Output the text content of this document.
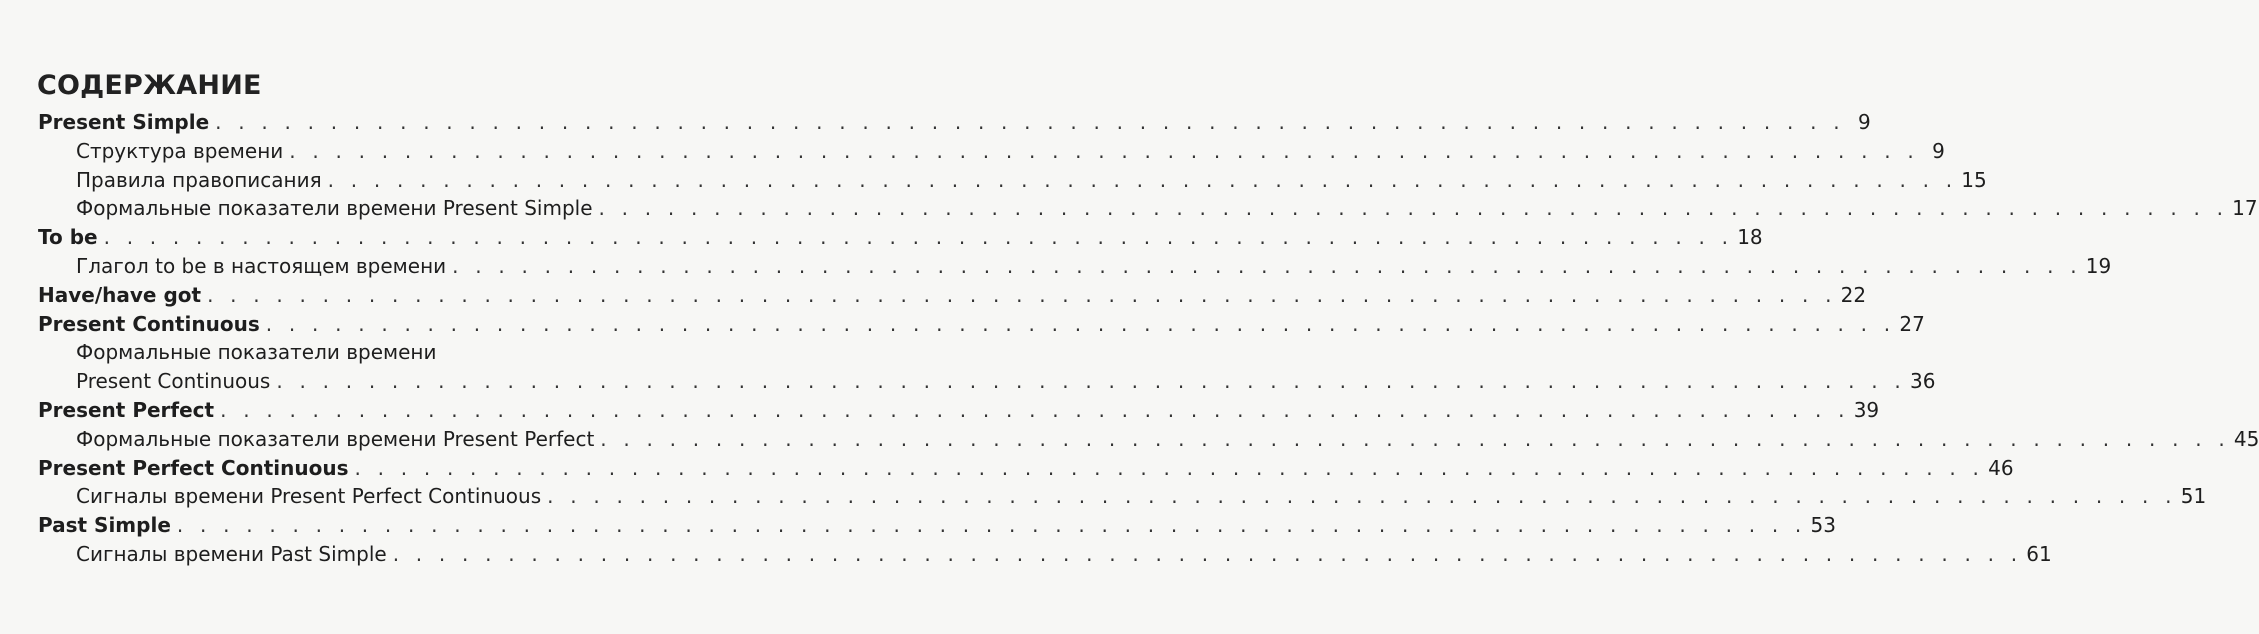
СОДЕРЖАНИЕ
Present Simple . . . . . . . . . . . . . . . . . . . . . . . . . . . . . . . . . . . . . . . . . . . . . . . . . . . . . . . . . . . . . . . . . . . . . . . 9
Структура времени . . . . . . . . . . . . . . . . . . . . . . . . . . . . . . . . . . . . . . . . . . . . . . . . . . . . . . . . . . . . . . . . . . . . . . . 9
Правила правописания . . . . . . . . . . . . . . . . . . . . . . . . . . . . . . . . . . . . . . . . . . . . . . . . . . . . . . . . . . . . . . . . . . . . . . . 15
Формальные показатели времени Present Simple . . . . . . . . . . . . . . . . . . . . . . . . . . . . . . . . . . . . . . . . . . . . . . . . . . . . . . . . . . . . . . . . . . . . . . . 17
To be . . . . . . . . . . . . . . . . . . . . . . . . . . . . . . . . . . . . . . . . . . . . . . . . . . . . . . . . . . . . . . . . . . . . . . . 18
Глагол to be в настоящем времени . . . . . . . . . . . . . . . . . . . . . . . . . . . . . . . . . . . . . . . . . . . . . . . . . . . . . . . . . . . . . . . . . . . . . . . 19
Have/have got . . . . . . . . . . . . . . . . . . . . . . . . . . . . . . . . . . . . . . . . . . . . . . . . . . . . . . . . . . . . . . . . . . . . . . . 22
Present Continuous . . . . . . . . . . . . . . . . . . . . . . . . . . . . . . . . . . . . . . . . . . . . . . . . . . . . . . . . . . . . . . . . . . . . . . . 27
Формальные показатели времени
Present Continuous . . . . . . . . . . . . . . . . . . . . . . . . . . . . . . . . . . . . . . . . . . . . . . . . . . . . . . . . . . . . . . . . . . . . . . . 36
Present Perfect . . . . . . . . . . . . . . . . . . . . . . . . . . . . . . . . . . . . . . . . . . . . . . . . . . . . . . . . . . . . . . . . . . . . . . . 39
Формальные показатели времени Present Perfect . . . . . . . . . . . . . . . . . . . . . . . . . . . . . . . . . . . . . . . . . . . . . . . . . . . . . . . . . . . . . . . . . . . . . . . 45
Present Perfect Continuous . . . . . . . . . . . . . . . . . . . . . . . . . . . . . . . . . . . . . . . . . . . . . . . . . . . . . . . . . . . . . . . . . . . . . . . 46
Сигналы времени Present Perfect Continuous . . . . . . . . . . . . . . . . . . . . . . . . . . . . . . . . . . . . . . . . . . . . . . . . . . . . . . . . . . . . . . . . . . . . . . . 51
Past Simple . . . . . . . . . . . . . . . . . . . . . . . . . . . . . . . . . . . . . . . . . . . . . . . . . . . . . . . . . . . . . . . . . . . . . . . 53
Сигналы времени Past Simple . . . . . . . . . . . . . . . . . . . . . . . . . . . . . . . . . . . . . . . . . . . . . . . . . . . . . . . . . . . . . . . . . . . . . . . 61
